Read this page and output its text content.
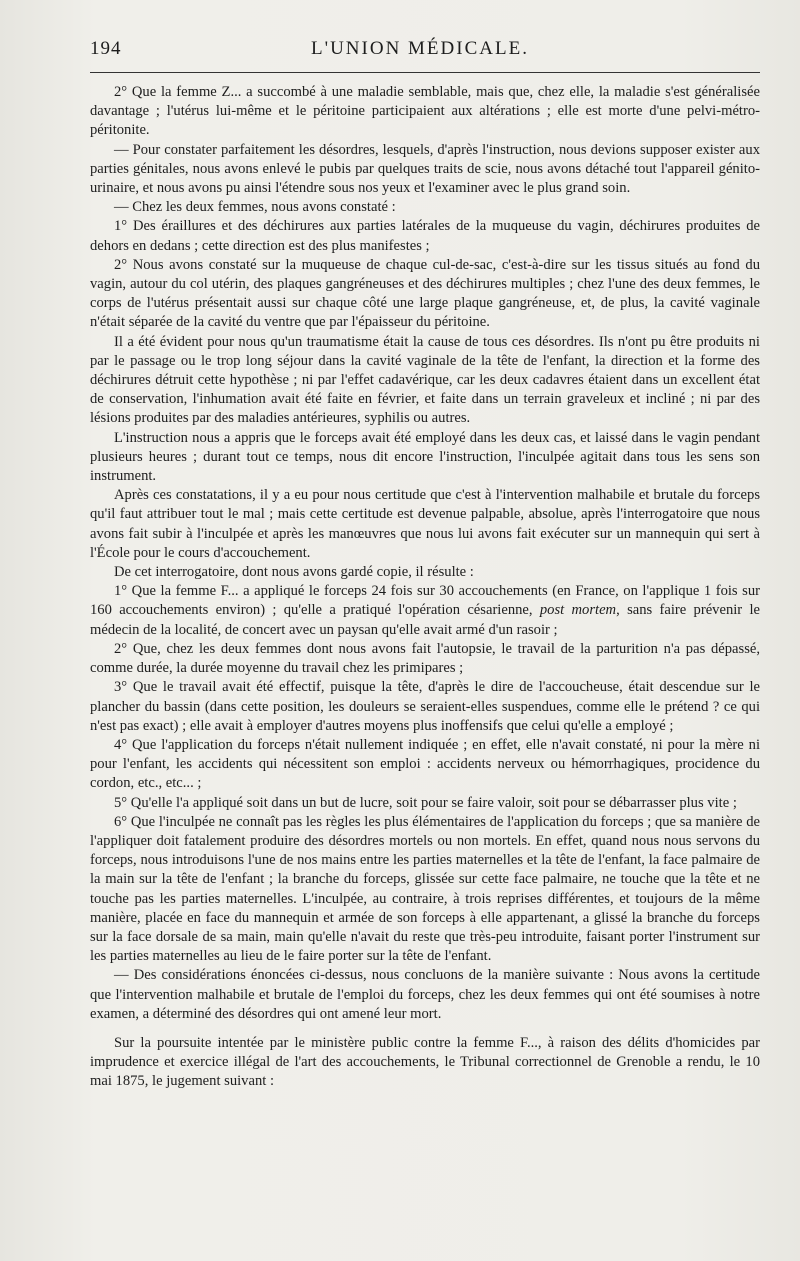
194	L'UNION MÉDICALE.

2° Que la femme Z... a succombé à une maladie semblable, mais que, chez elle, la maladie s'est généralisée davantage ; l'utérus lui-même et le péritoine participaient aux altérations ; elle est morte d'une pelvi-métro-péritonite.

— Pour constater parfaitement les désordres, lesquels, d'après l'instruction, nous devions supposer exister aux parties génitales, nous avons enlevé le pubis par quelques traits de scie, nous avons détaché tout l'appareil génito-urinaire, et nous avons pu ainsi l'étendre sous nos yeux et l'examiner avec le plus grand soin.

— Chez les deux femmes, nous avons constaté :

1° Des éraillures et des déchirures aux parties latérales de la muqueuse du vagin, déchirures produites de dehors en dedans ; cette direction est des plus manifestes ;

2° Nous avons constaté sur la muqueuse de chaque cul-de-sac, c'est-à-dire sur les tissus situés au fond du vagin, autour du col utérin, des plaques gangréneuses et des déchirures multiples ; chez l'une des deux femmes, le corps de l'utérus présentait aussi sur chaque côté une large plaque gangréneuse, et, de plus, la cavité vaginale n'était séparée de la cavité du ventre que par l'épaisseur du péritoine.

Il a été évident pour nous qu'un traumatisme était la cause de tous ces désordres. Ils n'ont pu être produits ni par le passage ou le trop long séjour dans la cavité vaginale de la tête de l'enfant, la direction et la forme des déchirures détruit cette hypothèse ; ni par l'effet cadavérique, car les deux cadavres étaient dans un excellent état de conservation, l'inhumation avait été faite en février, et faite dans un terrain graveleux et incliné ; ni par des lésions produites par des maladies antérieures, syphilis ou autres.

L'instruction nous a appris que le forceps avait été employé dans les deux cas, et laissé dans le vagin pendant plusieurs heures ; durant tout ce temps, nous dit encore l'instruction, l'inculpée agitait dans tous les sens son instrument.

Après ces constatations, il y a eu pour nous certitude que c'est à l'intervention malhabile et brutale du forceps qu'il faut attribuer tout le mal ; mais cette certitude est devenue palpable, absolue, après l'interrogatoire que nous avons fait subir à l'inculpée et après les manœuvres que nous lui avons fait exécuter sur un mannequin qui sert à l'École pour le cours d'accouchement.

De cet interrogatoire, dont nous avons gardé copie, il résulte :

1° Que la femme F... a appliqué le forceps 24 fois sur 30 accouchements (en France, on l'applique 1 fois sur 160 accouchements environ) ; qu'elle a pratiqué l'opération césarienne, post mortem, sans faire prévenir le médecin de la localité, de concert avec un paysan qu'elle avait armé d'un rasoir ;

2° Que, chez les deux femmes dont nous avons fait l'autopsie, le travail de la parturition n'a pas dépassé, comme durée, la durée moyenne du travail chez les primipares ;

3° Que le travail avait été effectif, puisque la tête, d'après le dire de l'accoucheuse, était descendue sur le plancher du bassin (dans cette position, les douleurs se seraient-elles suspendues, comme elle le prétend ? ce qui n'est pas exact) ; elle avait à employer d'autres moyens plus inoffensifs que celui qu'elle a employé ;

4° Que l'application du forceps n'était nullement indiquée ; en effet, elle n'avait constaté, ni pour la mère ni pour l'enfant, les accidents qui nécessitent son emploi : accidents nerveux ou hémorrhagiques, procidence du cordon, etc., etc... ;

5° Qu'elle l'a appliqué soit dans un but de lucre, soit pour se faire valoir, soit pour se débarrasser plus vite ;

6° Que l'inculpée ne connaît pas les règles les plus élémentaires de l'application du forceps ; que sa manière de l'appliquer doit fatalement produire des désordres mortels ou non mortels. En effet, quand nous nous servons du forceps, nous introduisons l'une de nos mains entre les parties maternelles et la tête de l'enfant, la face palmaire de la main sur la tête de l'enfant ; la branche du forceps, glissée sur cette face palmaire, ne touche que la tête et ne touche pas les parties maternelles. L'inculpée, au contraire, à trois reprises différentes, et toujours de la même manière, placée en face du mannequin et armée de son forceps à elle appartenant, a glissé la branche du forceps sur la face dorsale de sa main, main qu'elle n'avait du reste que très-peu introduite, faisant porter l'instrument sur les parties maternelles au lieu de le faire porter sur la tête de l'enfant.

— Des considérations énoncées ci-dessus, nous concluons de la manière suivante : Nous avons la certitude que l'intervention malhabile et brutale de l'emploi du forceps, chez les deux femmes qui ont été soumises à notre examen, a déterminé des désordres qui ont amené leur mort.

Sur la poursuite intentée par le ministère public contre la femme F..., à raison des délits d'homicides par imprudence et exercice illégal de l'art des accouchements, le Tribunal correctionnel de Grenoble a rendu, le 10 mai 1875, le jugement suivant :
